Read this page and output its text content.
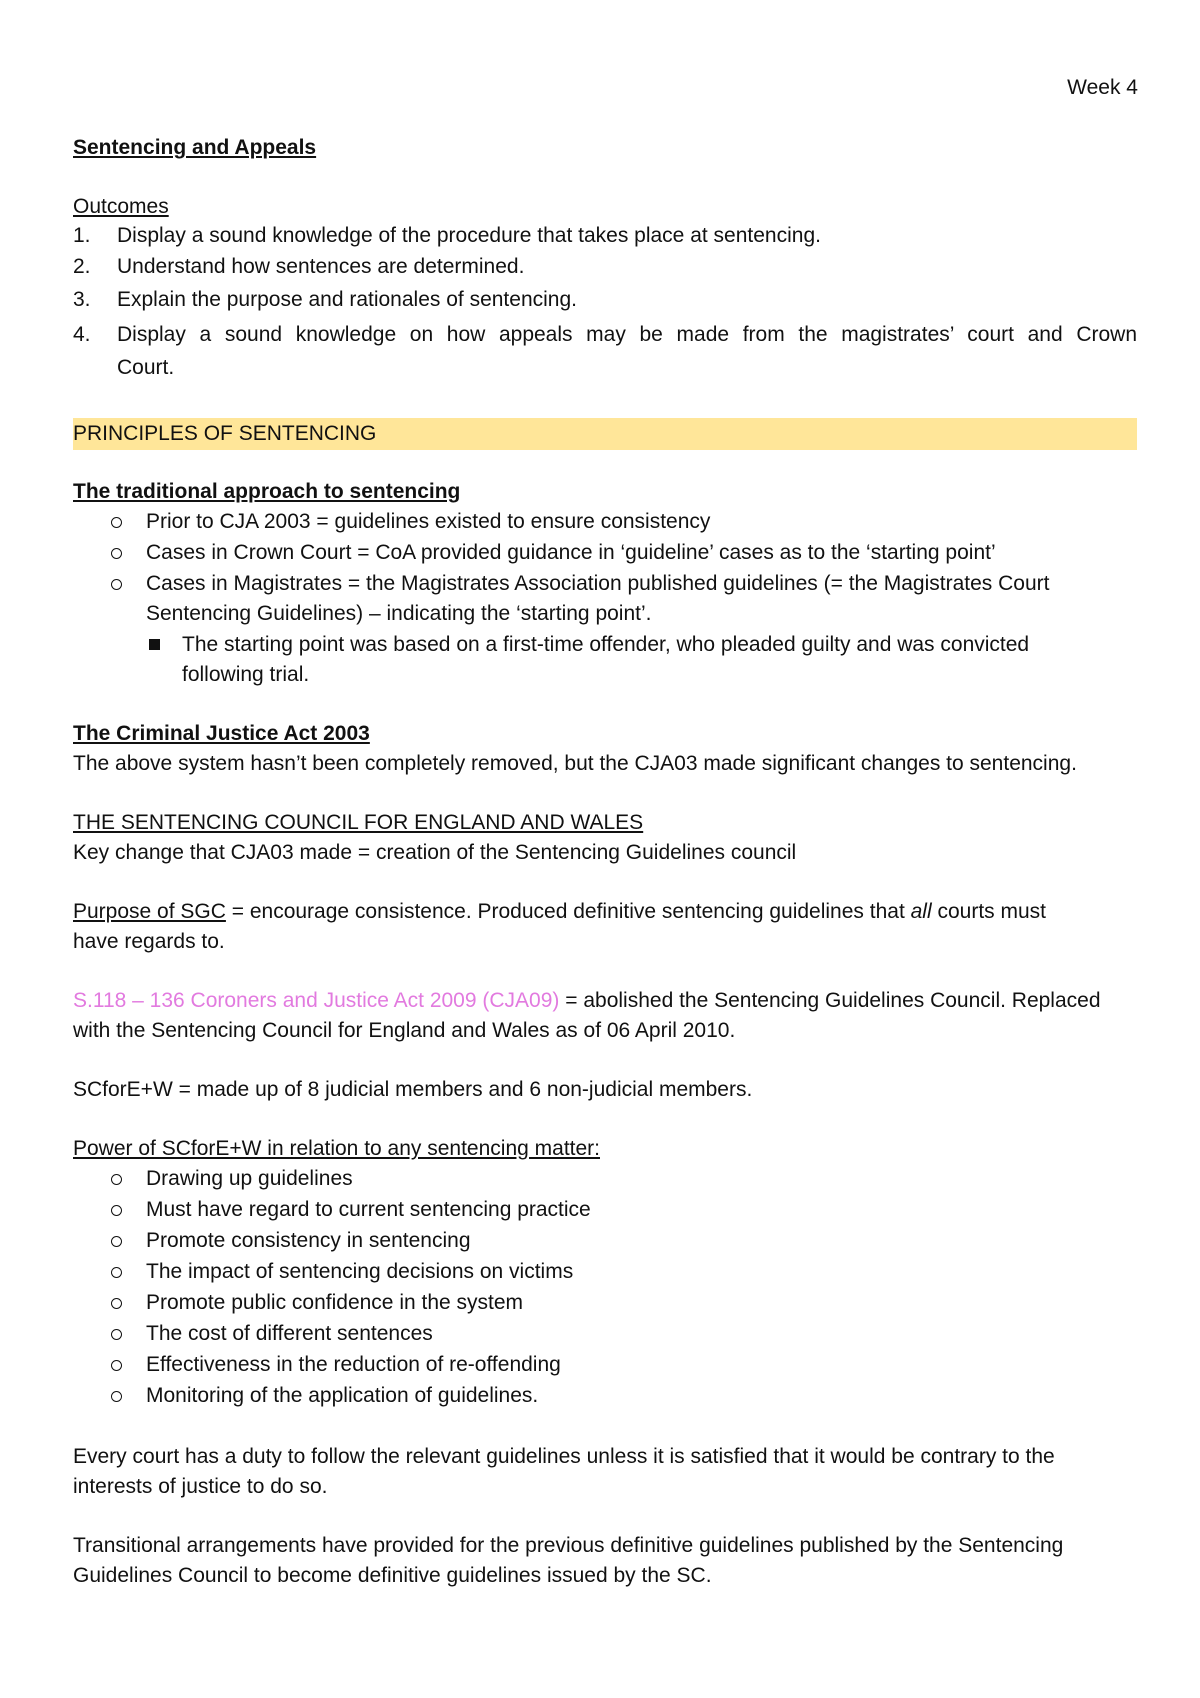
Week 4
Sentencing and Appeals
Outcomes
1. Display a sound knowledge of the procedure that takes place at sentencing.
2. Understand how sentences are determined.
3. Explain the purpose and rationales of sentencing.
4. Display a sound knowledge on how appeals may be made from the magistrates’ court and Crown
Court.
PRINCIPLES OF SENTENCING
The traditional approach to sentencing
Prior to CJA 2003 = guidelines existed to ensure consistency
Cases in Crown Court = CoA provided guidance in ‘guideline’ cases as to the ‘starting point’
Cases in Magistrates = the Magistrates Association published guidelines (= the Magistrates Court
Sentencing Guidelines) – indicating the ‘starting point’.
The starting point was based on a first-time offender, who pleaded guilty and was convicted
following trial.
The Criminal Justice Act 2003
The above system hasn’t been completely removed, but the CJA03 made significant changes to sentencing.
THE SENTENCING COUNCIL FOR ENGLAND AND WALES
Key change that CJA03 made = creation of the Sentencing Guidelines council
Purpose of SGC = encourage consistence. Produced definitive sentencing guidelines that all courts must
have regards to.
S.118 – 136 Coroners and Justice Act 2009 (CJA09) = abolished the Sentencing Guidelines Council. Replaced
with the Sentencing Council for England and Wales as of 06 April 2010.
SCforE+W = made up of 8 judicial members and 6 non-judicial members.
Power of SCforE+W in relation to any sentencing matter:
Drawing up guidelines
Must have regard to current sentencing practice
Promote consistency in sentencing
The impact of sentencing decisions on victims
Promote public confidence in the system
The cost of different sentences
Effectiveness in the reduction of re-offending
Monitoring of the application of guidelines.
Every court has a duty to follow the relevant guidelines unless it is satisfied that it would be contrary to the
interests of justice to do so.
Transitional arrangements have provided for the previous definitive guidelines published by the Sentencing
Guidelines Council to become definitive guidelines issued by the SC.
